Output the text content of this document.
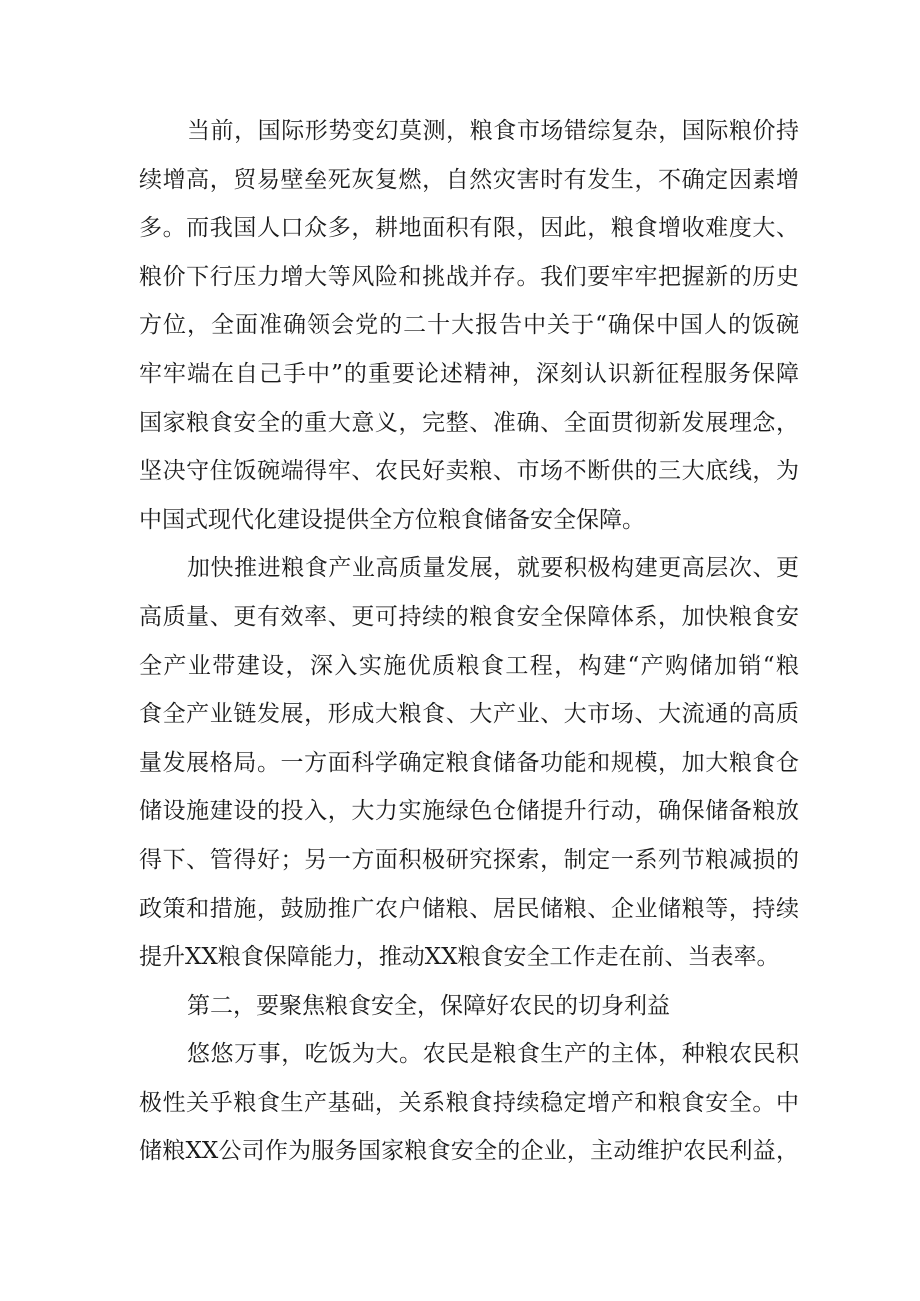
当前，国际形势变幻莫测，粮食市场错综复杂，国际粮价持
续增高，贸易壁垒死灰复燃，自然灾害时有发生，不确定因素增
多。而我国人口众多，耕地面积有限，因此，粮食增收难度大、
粮价下行压力增大等风险和挑战并存。我们要牢牢把握新的历史
方位，全面准确领会党的二十大报告中关于“确保中国人的饭碗
牢牢端在自己手中”的重要论述精神，深刻认识新征程服务保障
国家粮食安全的重大意义，完整、准确、全面贯彻新发展理念，
坚决守住饭碗端得牢、农民好卖粮、市场不断供的三大底线，为
中国式现代化建设提供全方位粮食储备安全保障。
加快推进粮食产业高质量发展，就要积极构建更高层次、更
高质量、更有效率、更可持续的粮食安全保障体系，加快粮食安
全产业带建设，深入实施优质粮食工程，构建“产购储加销“粮
食全产业链发展，形成大粮食、大产业、大市场、大流通的高质
量发展格局。一方面科学确定粮食储备功能和规模，加大粮食仓
储设施建设的投入，大力实施绿色仓储提升行动，确保储备粮放
得下、管得好；另一方面积极研究探索，制定一系列节粮减损的
政策和措施，鼓励推广农户储粮、居民储粮、企业储粮等，持续
提升XX粮食保障能力，推动XX粮食安全工作走在前、当表率。
第二，要聚焦粮食安全，保障好农民的切身利益
悠悠万事，吃饭为大。农民是粮食生产的主体，种粮农民积
极性关乎粮食生产基础，关系粮食持续稳定增产和粮食安全。中
储粮XX公司作为服务国家粮食安全的企业，主动维护农民利益，
